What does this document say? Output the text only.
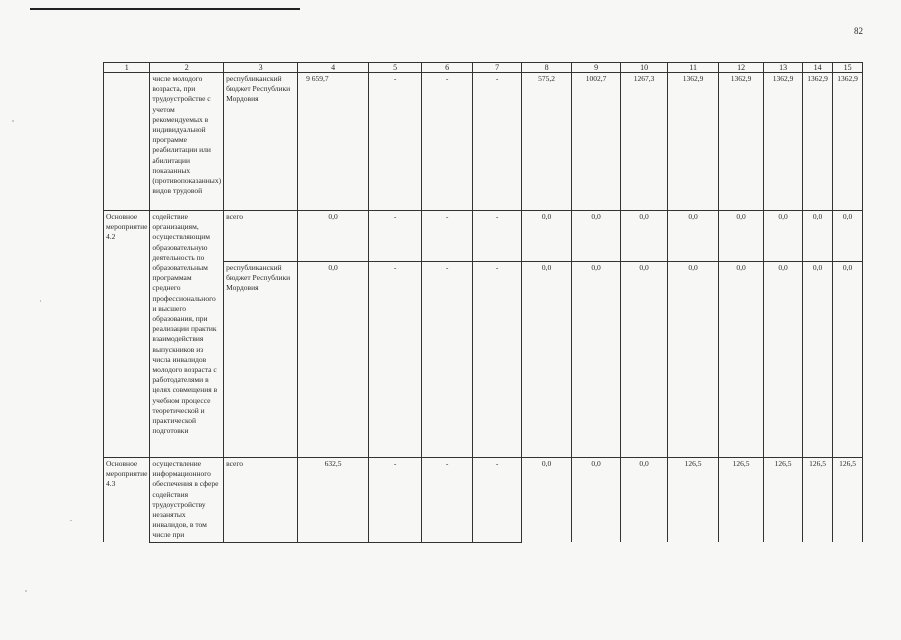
82
1	2	3	4	5	6	7	8	9	10	11	12	13	14	15
	числе молодого возраста, при трудоустройстве с учетом рекомендуемых в индивидуальной программе реабилитации или абилитации показанных (противопоказанных) видов трудовой	республиканский бюджет Республики Мордовия	9 659,7	-	-	-	575,2	1002,7	1267,3	1362,9	1362,9	1362,9	1362,9	1362,9
Основное мероприятие 4.2	содействие организациям, осуществляющим образовательную деятельность по образовательным программам среднего профессионального и высшего образования, при реализации практик взаимодействия выпускников из числа инвалидов молодого возраста с работодателями в целях совмещения в учебном процессе теоретической и практической подготовки	всего	0,0	-	-	-	0,0	0,0	0,0	0,0	0,0	0,0	0,0	0,0
		республиканский бюджет Республики Мордовия	0,0	-	-	-	0,0	0,0	0,0	0,0	0,0	0,0	0,0	0,0
Основное мероприятие 4.3	осуществление информационного обеспечения в сфере содействия трудоустройству незанятых инвалидов, в том числе при	всего	632,5	-	-	-	0,0	0,0	0,0	126,5	126,5	126,5	126,5	126,5
